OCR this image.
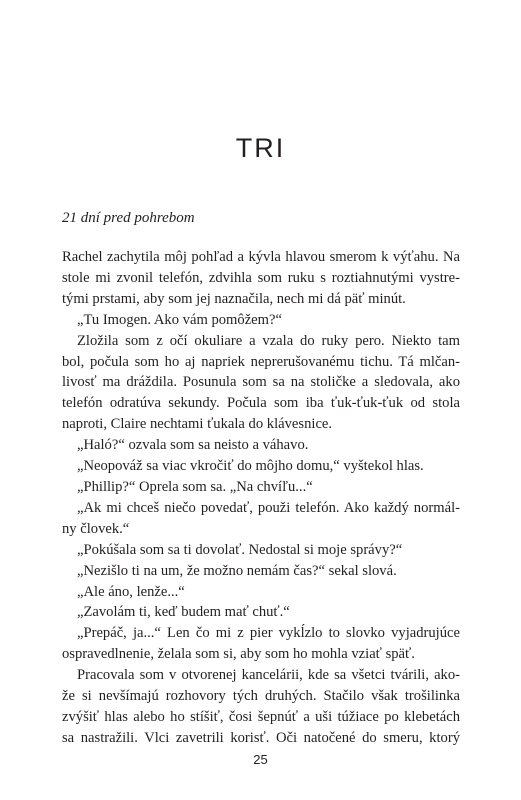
TRI

21 dní pred pohrebom

Rachel zachytila môj pohľad a kývla hlavou smerom k výťahu. Na
stole mi zvonil telefón, zdvihla som ruku s roztiahnutými vystre-
tými prstami, aby som jej naznačila, nech mi dá päť minút.
„Tu Imogen. Ako vám pomôžem?“
Zložila som z očí okuliare a vzala do ruky pero. Niekto tam
bol, počula som ho aj napriek neprerušovanému tichu. Tá mlčan-
livosť ma dráždila. Posunula som sa na stoličke a sledovala, ako
telefón odratúva sekundy. Počula som iba ťuk-ťuk-ťuk od stola
naproti, Claire nechtami ťukala do klávesnice.
„Haló?“ ozvala som sa neisto a váhavo.
„Neopováž sa viac vkročiť do môjho domu,“ vyštekol hlas.
„Phillip?“ Oprela som sa. „Na chvíľu...“
„Ak mi chceš niečo povedať, použi telefón. Ako každý normál-
ny človek.“
„Pokúšala som sa ti dovolať. Nedostal si moje správy?“
„Nezišlo ti na um, že možno nemám čas?“ sekal slová.
„Ale áno, lenže...“
„Zavolám ti, keď budem mať chuť.“
„Prepáč, ja...“ Len čo mi z pier vykĺzlo to slovko vyjadrujúce
ospravedlnenie, želala som si, aby som ho mohla vziať späť.
Pracovala som v otvorenej kancelárii, kde sa všetci tvárili, ako-
že si nevšímajú rozhovory tých druhých. Stačilo však trošilinka
zvýšiť hlas alebo ho stíšiť, čosi šepnúť a uši túžiace po klebetách
sa nastražili. Vlci zavetrili korisť. Oči natočené do smeru, ktorý

25
